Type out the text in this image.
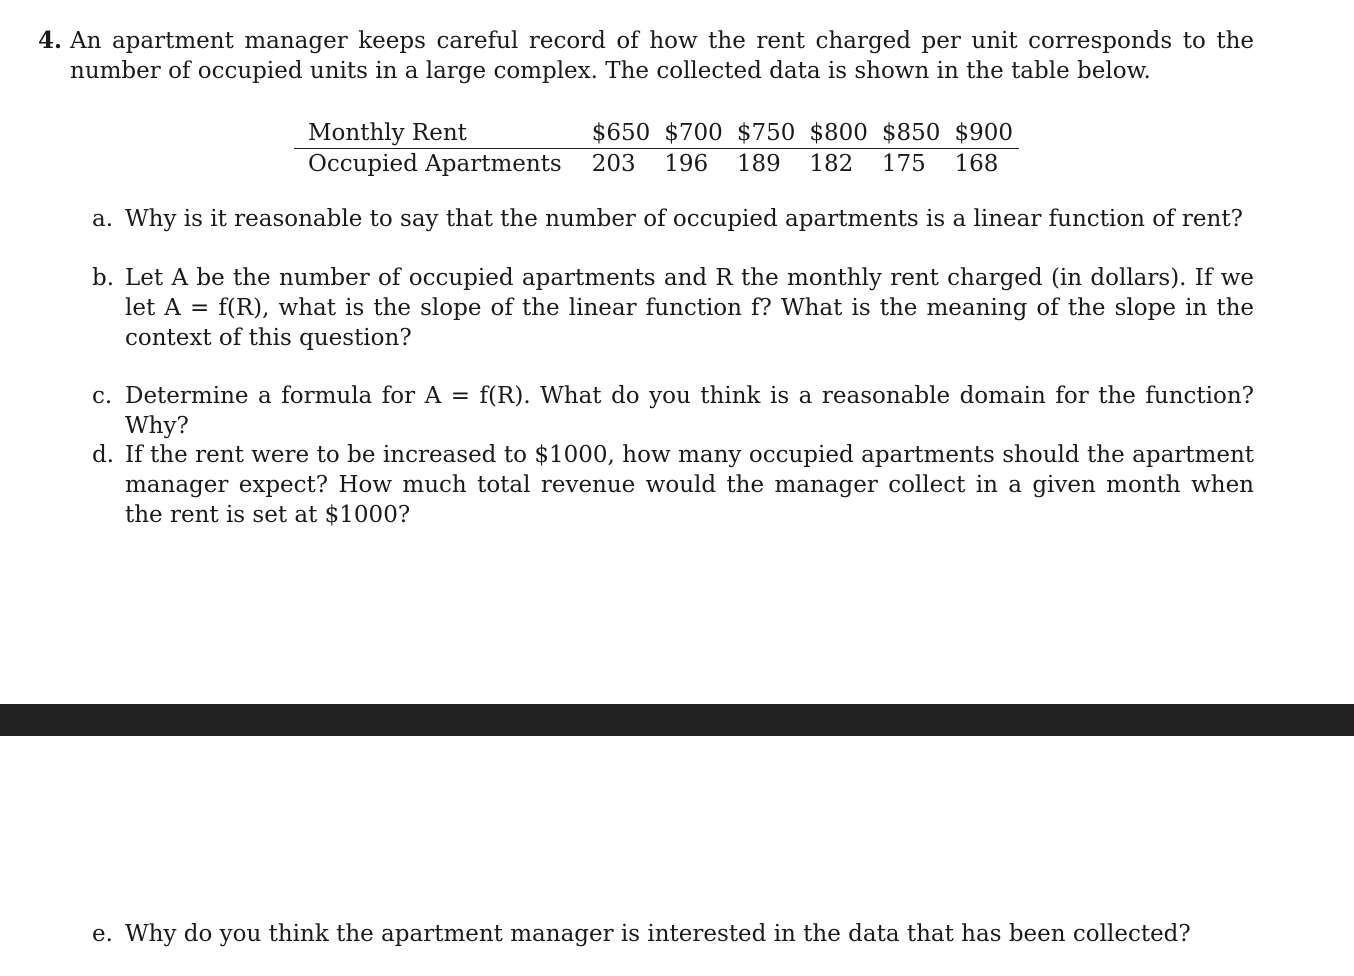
4. An apartment manager keeps careful record of how the rent charged per unit corresponds to the number of occupied units in a large complex. The collected data is shown in the table below.
Monthly Rent	$650	$700	$750	$800	$850	$900
Occupied Apartments	203	196	189	182	175	168
a. Why is it reasonable to say that the number of occupied apartments is a linear function of rent?
b. Let A be the number of occupied apartments and R the monthly rent charged (in dollars). If we let A = f(R), what is the slope of the linear function f? What is the meaning of the slope in the context of this question?
c. Determine a formula for A = f(R). What do you think is a reasonable domain for the function? Why?
d. If the rent were to be increased to $1000, how many occupied apartments should the apartment manager expect? How much total revenue would the manager collect in a given month when the rent is set at $1000?
e. Why do you think the apartment manager is interested in the data that has been collected?
